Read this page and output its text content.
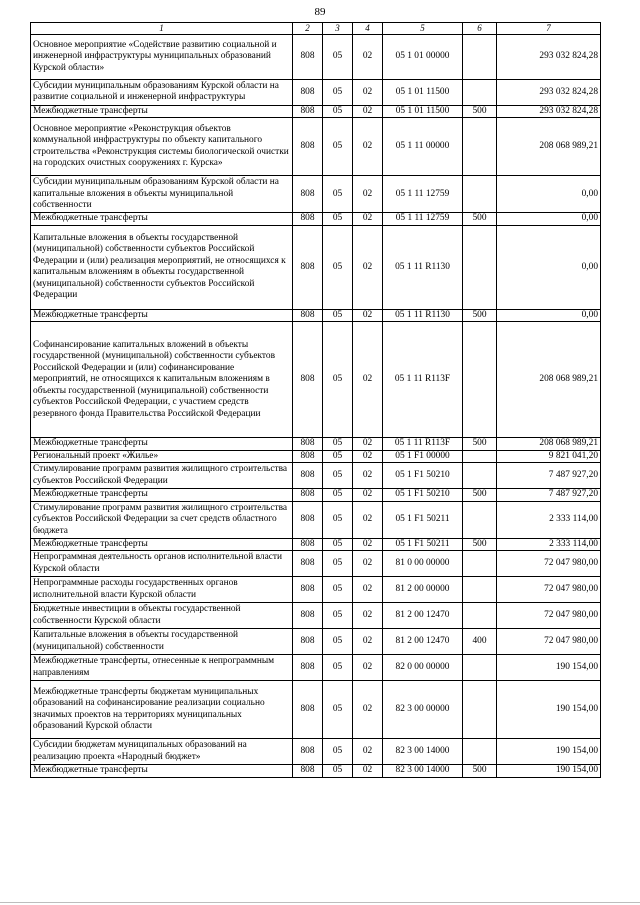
89
1	2	3	4	5	6	7
Основное мероприятие «Содействие развитию социальной и инженерной инфраструктуры муниципальных образований Курской области»	808	05	02	05 1 01 00000		293 032 824,28
Субсидии муниципальным образованиям Курской области на развитие социальной и инженерной инфраструктуры	808	05	02	05 1 01 11500		293 032 824,28
Межбюджетные трансферты	808	05	02	05 1 01 11500	500	293 032 824,28
Основное мероприятие «Реконструкция объектов коммунальной инфраструктуры по объекту капитального строительства «Реконструкция системы биологической очистки на городских очистных сооружениях г. Курска»	808	05	02	05 1 11 00000		208 068 989,21
Субсидии муниципальным образованиям Курской области на капитальные вложения в объекты муниципальной собственности	808	05	02	05 1 11 12759		0,00
Межбюджетные трансферты	808	05	02	05 1 11 12759	500	0,00
Капитальные вложения в объекты государственной (муниципальной) собственности субъектов Российской Федерации и (или) реализация мероприятий, не относящихся к капитальным вложениям в объекты государственной (муниципальной) собственности субъектов Российской Федерации	808	05	02	05 1 11 R1130		0,00
Межбюджетные трансферты	808	05	02	05 1 11 R1130	500	0,00
Софинансирование капитальных вложений в объекты государственной (муниципальной) собственности субъектов Российской Федерации и (или) софинансирование мероприятий, не относящихся к капитальным вложениям в объекты государственной (муниципальной) собственности субъектов Российской Федерации, с участием средств резервного фонда Правительства Российской Федерации	808	05	02	05 1 11 R113F		208 068 989,21
Межбюджетные трансферты	808	05	02	05 1 11 R113F	500	208 068 989,21
Региональный проект «Жилье»	808	05	02	05 1 F1 00000		9 821 041,20
Стимулирование программ развития жилищного строительства субъектов Российской Федерации	808	05	02	05 1 F1 50210		7 487 927,20
Межбюджетные трансферты	808	05	02	05 1 F1 50210	500	7 487 927,20
Стимулирование программ развития жилищного строительства субъектов Российской Федерации за счет средств областного бюджета	808	05	02	05 1 F1 50211		2 333 114,00
Межбюджетные трансферты	808	05	02	05 1 F1 50211	500	2 333 114,00
Непрограммная деятельность органов исполнительной власти Курской области	808	05	02	81 0 00 00000		72 047 980,00
Непрограммные расходы государственных органов исполнительной власти Курской области	808	05	02	81 2 00 00000		72 047 980,00
Бюджетные инвестиции в объекты государственной собственности Курской области	808	05	02	81 2 00 12470		72 047 980,00
Капитальные вложения в объекты государственной (муниципальной) собственности	808	05	02	81 2 00 12470	400	72 047 980,00
Межбюджетные трансферты, отнесенные к непрограммным направлениям	808	05	02	82 0 00 00000		190 154,00
Межбюджетные трансферты бюджетам муниципальных образований на софинансирование реализации социально значимых проектов на территориях муниципальных образований Курской области	808	05	02	82 3 00 00000		190 154,00
Субсидии бюджетам муниципальных образований на реализацию проекта «Народный бюджет»	808	05	02	82 3 00 14000		190 154,00
Межбюджетные трансферты	808	05	02	82 3 00 14000	500	190 154,00
